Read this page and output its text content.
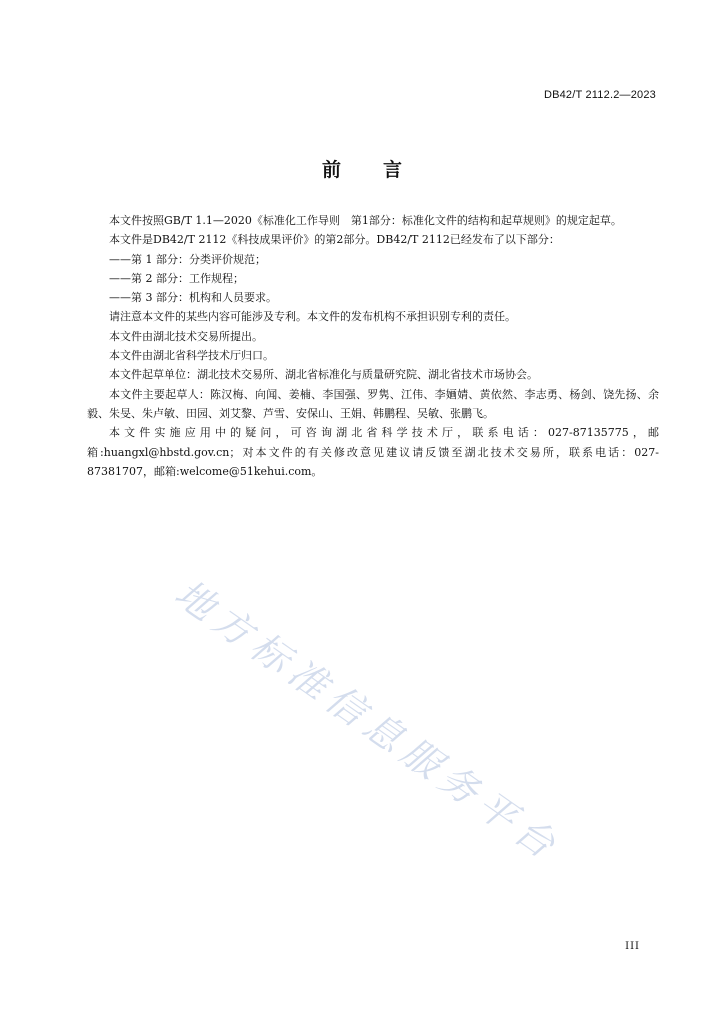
DB42/T 2112.2—2023
前 言

本文件按照GB/T 1.1—2020《标准化工作导则　第1部分：标准化文件的结构和起草规则》的规定起草。

本文件是DB42/T 2112《科技成果评价》的第2部分。DB42/T 2112已经发布了以下部分：

——第 1 部分：分类评价规范；

——第 2 部分：工作规程；

——第 3 部分：机构和人员要求。

请注意本文件的某些内容可能涉及专利。本文件的发布机构不承担识别专利的责任。

本文件由湖北技术交易所提出。

本文件由湖北省科学技术厅归口。

本文件起草单位：湖北技术交易所、湖北省标准化与质量研究院、湖北省技术市场协会。

本文件主要起草人：陈汉梅、向闻、姜楠、李国强、罗隽、江伟、李婳婧、黄依然、李志勇、杨剑、饶先扬、余毅、朱旻、朱卢敏、田园、刘艾黎、芦雪、安保山、王娟、韩鹏程、吴敏、张鹏飞。

本文件实施应用中的疑问，可咨询湖北省科学技术厅，联系电话：027-87135775，邮箱:huangxl@hbstd.gov.cn；对本文件的有关修改意见建议请反馈至湖北技术交易所，联系电话：027-87381707，邮箱:welcome@51kehui.com。

地方标准信息服务平台
III
